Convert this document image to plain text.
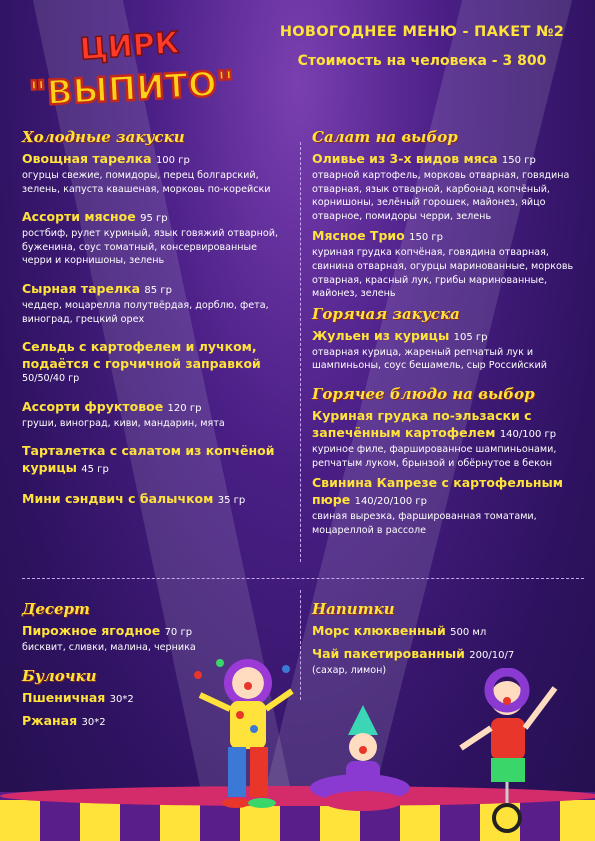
ЦИРК
"ВЫПИТО"
НОВОГОДНЕЕ МЕНЮ - ПАКЕТ №2
Стоимость на человека - 3 800
Холодные закуски
Овощная тарелка 100 гр
огурцы свежие, помидоры, перец болгарский, зелень, капуста квашеная, морковь по-корейски
Ассорти мясное 95 гр
ростбиф, рулет куриный, язык говяжий отварной, буженина, соус томатный, консервированные черри и корнишоны, зелень
Сырная тарелка 85 гр
чеддер, моцарелла полутвёрдая, дорблю, фета, виноград, грецкий орех
Сельдь с картофелем и лучком, подаётся с горчичной заправкой
50/50/40 гр
Ассорти фруктовое 120 гр
груши, виноград, киви, мандарин, мята
Тарталетка с салатом из копчёной курицы 45 гр
Мини сэндвич с балычком 35 гр
Салат на выбор
Оливье из 3-х видов мяса 150 гр
отварной картофель, морковь отварная, говядина отварная, язык отварной, карбонад копчёный, корнишоны, зелёный горошек, майонез, яйцо отварное, помидоры черри, зелень
Мясное Трио 150 гр
куриная грудка копчёная, говядина отварная, свинина отварная, огурцы маринованные, морковь отварная, красный лук, грибы маринованные, майонез, зелень
Горячая закуска
Жульен из курицы 105 гр
отварная курица, жареный репчатый лук и шампиньоны, соус бешамель, сыр Российский
Горячее блюдо на выбор
Куриная грудка по-эльзаски с запечённым картофелем 140/100 гр
куриное филе, фаршированное шампиньонами, репчатым луком, брынзой и обёрнутое в бекон
Свинина Капрезе с картофельным пюре 140/20/100 гр
свиная вырезка, фаршированная томатами, моцареллой в рассоле
Десерт
Пирожное ягодное 70 гр
бисквит, сливки, малина, черника
Булочки
Пшеничная 30*2
Ржаная 30*2
Напитки
Морс клюквенный 500 мл
Чай пакетированный 200/10/7
(сахар, лимон)
